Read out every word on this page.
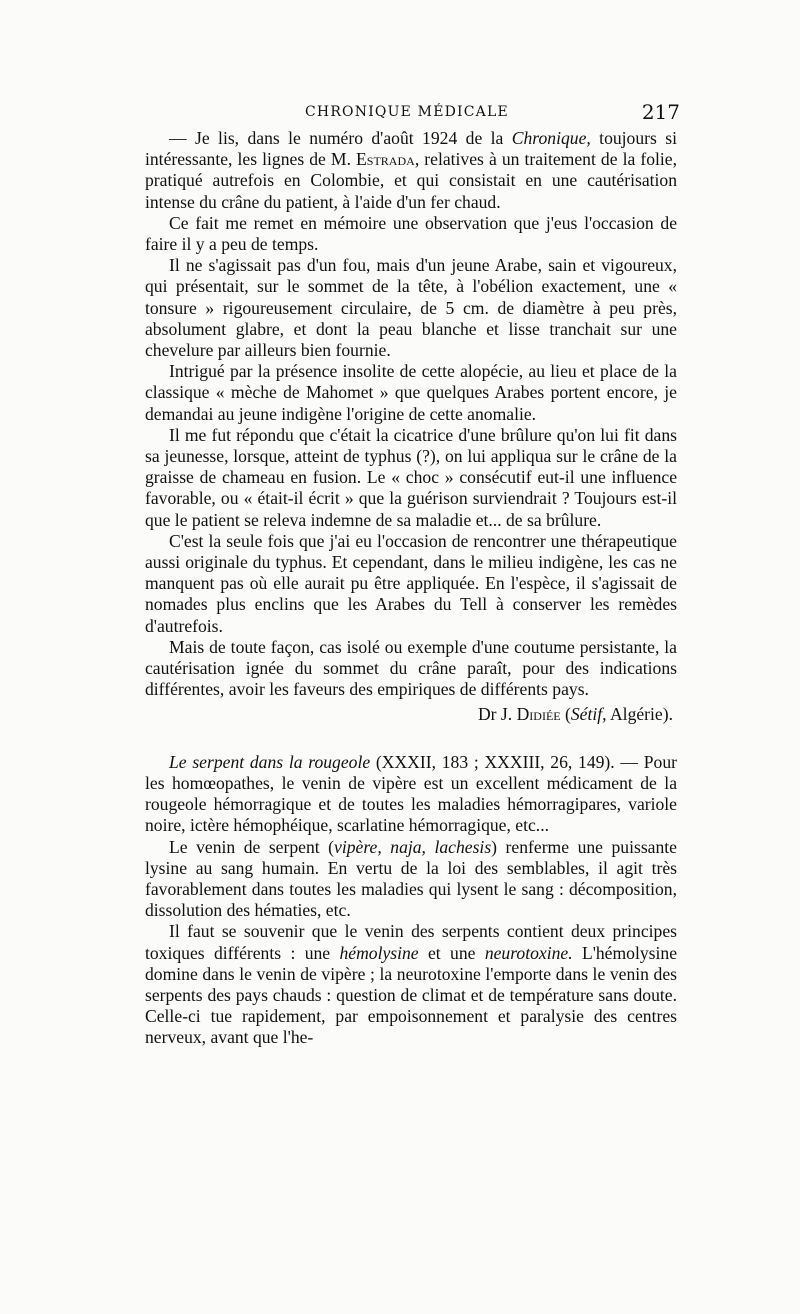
CHRONIQUE MÉDICALE	217

— Je lis, dans le numéro d'août 1924 de la Chronique, toujours si intéressante, les lignes de M. Estrada, relatives à un traitement de la folie, pratiqué autrefois en Colombie, et qui consistait en une cautérisation intense du crâne du patient, à l'aide d'un fer chaud.

Ce fait me remet en mémoire une observation que j'eus l'occasion de faire il y a peu de temps.

Il ne s'agissait pas d'un fou, mais d'un jeune Arabe, sain et vigoureux, qui présentait, sur le sommet de la tête, à l'obélion exactement, une « tonsure » rigoureusement circulaire, de 5 cm. de diamètre à peu près, absolument glabre, et dont la peau blanche et lisse tranchait sur une chevelure par ailleurs bien fournie.

Intrigué par la présence insolite de cette alopécie, au lieu et place de la classique « mèche de Mahomet » que quelques Arabes portent encore, je demandai au jeune indigène l'origine de cette anomalie.

Il me fut répondu que c'était la cicatrice d'une brûlure qu'on lui fit dans sa jeunesse, lorsque, atteint de typhus (?), on lui appliqua sur le crâne de la graisse de chameau en fusion. Le « choc » consécutif eut-il une influence favorable, ou « était-il écrit » que la guérison surviendrait ? Toujours est-il que le patient se releva indemne de sa maladie et... de sa brûlure.

C'est la seule fois que j'ai eu l'occasion de rencontrer une thérapeutique aussi originale du typhus. Et cependant, dans le milieu indigène, les cas ne manquent pas où elle aurait pu être appliquée. En l'espèce, il s'agissait de nomades plus enclins que les Arabes du Tell à conserver les remèdes d'autrefois.

Mais de toute façon, cas isolé ou exemple d'une coutume persistante, la cautérisation ignée du sommet du crâne paraît, pour des indications différentes, avoir les faveurs des empiriques de différents pays.

Dr J. Didiée (Sétif, Algérie).

Le serpent dans la rougeole (XXXII, 183 ; XXXIII, 26, 149). — Pour les homœopathes, le venin de vipère est un excellent médicament de la rougeole hémorragique et de toutes les maladies hémorragipares, variole noire, ictère hémophéique, scarlatine hémorragique, etc...

Le venin de serpent (vipère, naja, lachesis) renferme une puissante lysine au sang humain. En vertu de la loi des semblables, il agit très favorablement dans toutes les maladies qui lysent le sang : décomposition, dissolution des hématies, etc.

Il faut se souvenir que le venin des serpents contient deux principes toxiques différents : une hémolysine et une neurotoxine. L'hémolysine domine dans le venin de vipère ; la neurotoxine l'emporte dans le venin des serpents des pays chauds : question de climat et de température sans doute. Celle-ci tue rapidement, par empoisonnement et paralysie des centres nerveux, avant que l'he-
